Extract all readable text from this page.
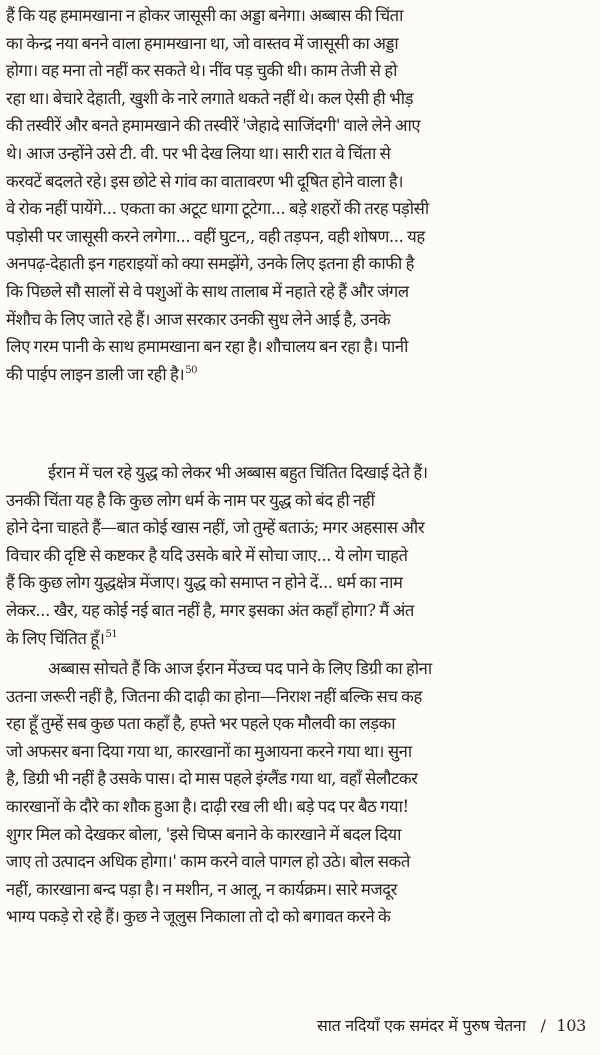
हैं कि यह हमामखाना न होकर जासूसी का अड्डा बनेगा। अब्बास की चिंता
का केन्द्र नया बनने वाला हमामखाना था, जो वास्तव में जासूसी का अड्डा
होगा। वह मना तो नहीं कर सकते थे। नींव पड़ चुकी थी। काम तेजी से हो
रहा था। बेचारे देहाती, खुशी के नारे लगाते थकते नहीं थे। कल ऐसी ही भीड़
की तस्वीरें और बनते हमामखाने की तस्वीरें 'जेहादे साजिंदगी' वाले लेने आए
थे। आज उन्होंने उसे टी. वी. पर भी देख लिया था। सारी रात वे चिंता से
करवटें बदलते रहे। इस छोटे से गांव का वातावरण भी दूषित होने वाला है।
वे रोक नहीं पायेंगे... एकता का अटूट धागा टूटेगा... बड़े शहरों की तरह पड़ोसी
पड़ोसी पर जासूसी करने लगेगा... वहीं घुटन,, वही तड़पन, वही शोषण... यह
अनपढ़-देहाती इन गहराइयों को क्या समझेंगे, उनके लिए इतना ही काफी है
कि पिछले सौ सालों से वे पशुओं के साथ तालाब में नहाते रहे हैं और जंगल
मेंशौच के लिए जाते रहे हैं। आज सरकार उनकी सुध लेने आई है, उनके
लिए गरम पानी के साथ हमामखाना बन रहा है। शौचालय बन रहा है। पानी
की पाईप लाइन डाली जा रही है।$^{50}$
ईरान में चल रहे युद्ध को लेकर भी अब्बास बहुत चिंतित दिखाई देते हैं।
उनकी चिंता यह है कि कुछ लोग धर्म के नाम पर युद्ध को बंद ही नहीं
होने देना चाहते हैं—बात कोई खास नहीं, जो तुम्हें बताऊं; मगर अहसास और
विचार की दृष्टि से कष्टकर है यदि उसके बारे में सोचा जाए... ये लोग चाहते
हैं कि कुछ लोग युद्धक्षेत्र मेंजाए। युद्ध को समाप्त न होने दें... धर्म का नाम
लेकर... खैर, यह कोई नई बात नहीं है, मगर इसका अंत कहाँ होगा? मैं अंत
के लिए चिंतित हूँ।$^{51}$
अब्बास सोचते हैं कि आज ईरान मेंउच्च पद पाने के लिए डिग्री का होना
उतना जरूरी नहीं है, जितना की दाढ़ी का होना—निराश नहीं बल्कि सच कह
रहा हूँ तुम्हें सब कुछ पता कहाँ है, हफ्ते भर पहले एक मौलवी का लड़का
जो अफसर बना दिया गया था, कारखानों का मुआयना करने गया था। सुना
है, डिग्री भी नहीं है उसके पास। दो मास पहले इंग्लैंड गया था, वहाँ सेलौटकर
कारखानों के दौरे का शौक हुआ है। दाढ़ी रख ली थी। बड़े पद पर बैठ गया!
शुगर मिल को देखकर बोला, 'इसे चिप्स बनाने के कारखाने में बदल दिया
जाए तो उत्पादन अधिक होगा।' काम करने वाले पागल हो उठे। बोल सकते
नहीं, कारखाना बन्द पड़ा है। न मशीन, न आलू, न कार्यक्रम। सारे मजदूर
भाग्य पकड़े रो रहे हैं। कुछ ने जूलुस निकाला तो दो को बगावत करने के
सात नदियाँ एक समंदर में पुरुष चेतना / 103
